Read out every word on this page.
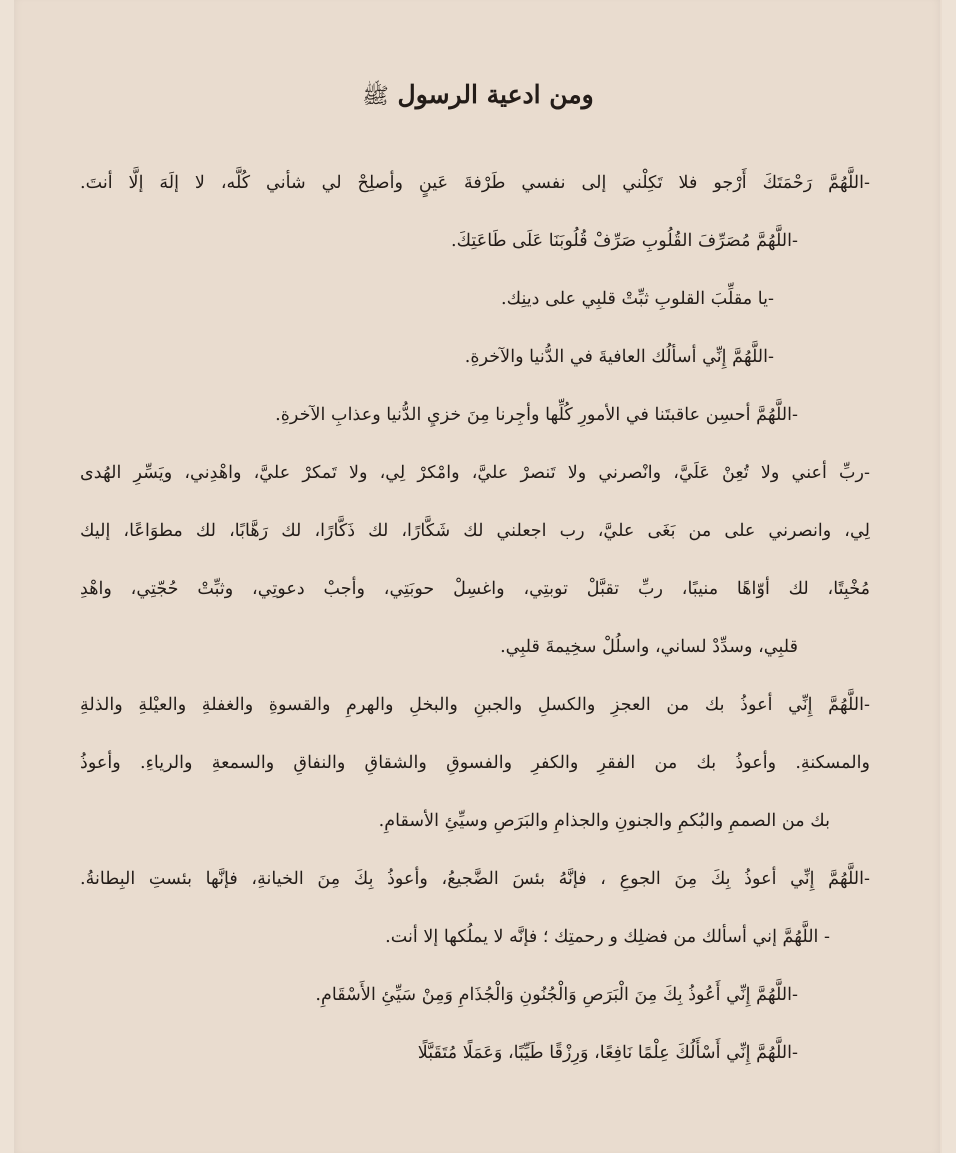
ومن ادعية الرسول ﷺ
-اللَّهُمَّ رَحْمَتَكَ أَرْجو فلا تَكِلْني إلى نفسي طَرْفةَ عَينٍ وأصلِحْ لي شأني كُلَّه، لا إلَهَ إلَّا أنتَ.
-اللَّهُمَّ مُصَرِّفَ القُلُوبِ صَرِّفْ قُلُوبَنَا عَلَى طَاعَتِكَ.
-يا مقلِّبَ القلوبِ ثبِّتْ قلبِي على دينِك.
-اللَّهُمَّ إِنِّي أسألُك العافيةَ في الدُّنيا والآخرةِ.
-اللَّهُمَّ أحسِن عاقبتَنا في الأمورِ كُلِّها وأجِرنا مِنَ خزيِ الدُّنيا وعذابِ الآخرةِ.
-ربِّ أعني ولا تُعِنْ عَلَيَّ، وانْصرني ولا تَنصرْ عليَّ، وامْكرْ لِي، ولا تَمكرْ عليَّ، واهْدِني، ويَسِّرِ الهُدى
لِي، وانصرني على من بَغَى عليَّ، رب اجعلني لك شَكَّارًا، لك ذَكَّارًا، لك رَهَّابًا، لك مطوَاعًا، إليك
مُخْبِتًا، لك أوّاهًا منيبًا، ربِّ تقبَّلْ توبتِي، واغسِلْ حوبَتِي، وأجبْ دعوتِي، وثبِّتْ حُجّتِي، واهْدِ
قلبِي، وسدِّدْ لساني، واسلُلْ سخِيمةَ قلبِي.
-اللَّهُمَّ إِنِّي أعوذُ بك من العجزِ والكسلِ والجبنِ والبخلِ والهرمِ والقسوةِ والغفلةِ والعيْلةِ والذلةِ
والمسكنةِ. وأعوذُ بك من الفقرِ والكفرِ والفسوقِ والشقاقِ والنفاقِ والسمعةِ والرياءِ. وأعوذُ
بك من الصممِ والبُكمِ والجنونِ والجذامِ والبَرَصِ وسيِّئِ الأسقامِ.
-اللَّهُمَّ إِنِّي أعوذُ بِكَ مِنَ الجوعِ ، فإنَّهُ بئسَ الضَّجيعُ، وأعوذُ بِكَ مِنَ الخيانةِ، فإنَّها بئستِ البِطانةُ.
- اللَّهُمَّ إني أسألك من فضلِك و رحمتِك ؛ فإنَّه لا يملُكها إلا أنت.
-اللَّهُمَّ إِنِّي أَعُوذُ بِكَ مِنَ الْبَرَصِ وَالْجُنُونِ وَالْجُذَامِ وَمِنْ سَيِّئِ الأَسْقَامِ.
-اللَّهُمَّ إِنِّي أَسْأَلُكَ عِلْمًا نَافِعًا، وَرِزْقًا طَيِّبًا، وَعَمَلًا مُتَقَبَّلًا
